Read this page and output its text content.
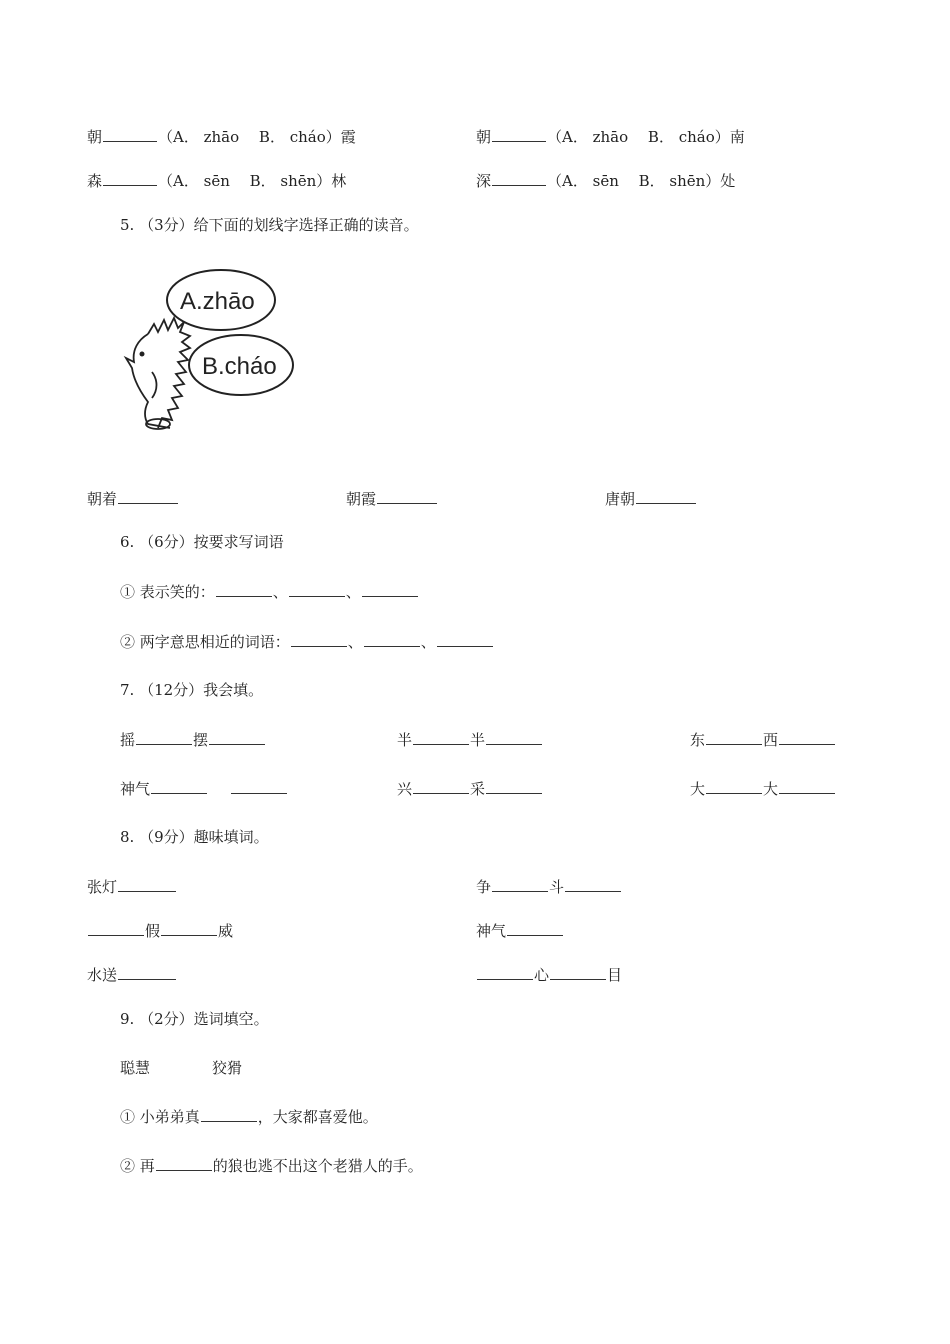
朝	（A． zhāo　 B． cháo）霞	朝	（A． zhāo　 B． cháo）南
森	（A． sēn　 B． shēn）林	深	（A． sēn　 B． shēn）处
5. （3分）给下面的划线字选择正确的读音。
A.zhāo
B.cháo
朝着	朝霞	唐朝
6. （6分）按要求写词语
① 表示笑的：	、	、
② 两字意思相近的词语：	、	、
7. （12分）我会填。
摇	摆	半	半	东	西
神气	兴	采	大	大
8. （9分）趣味填词。
张灯	争	斗
假	威	神气
水送	心	目
9. （2分）选词填空。
聪慧	狡猾
① 小弟弟真	，大家都喜爱他。
② 再	的狼也逃不出这个老猎人的手。
